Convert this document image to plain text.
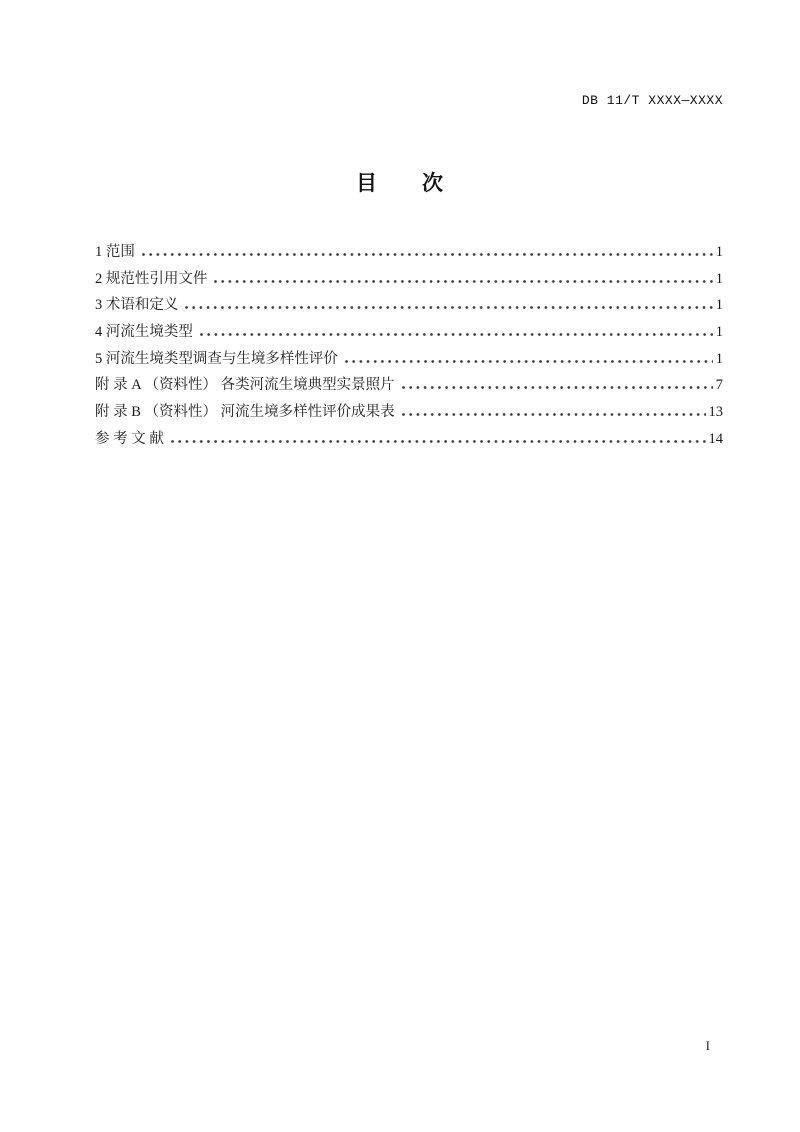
DB 11/T XXXX—XXXX
目　　次
1 范围	1
2 规范性引用文件	1
3 术语和定义	1
4 河流生境类型	1
5 河流生境类型调查与生境多样性评价	1
附 录 A （资料性） 各类河流生境典型实景照片	7
附 录 B （资料性） 河流生境多样性评价成果表	13
参 考 文 献	14
I
